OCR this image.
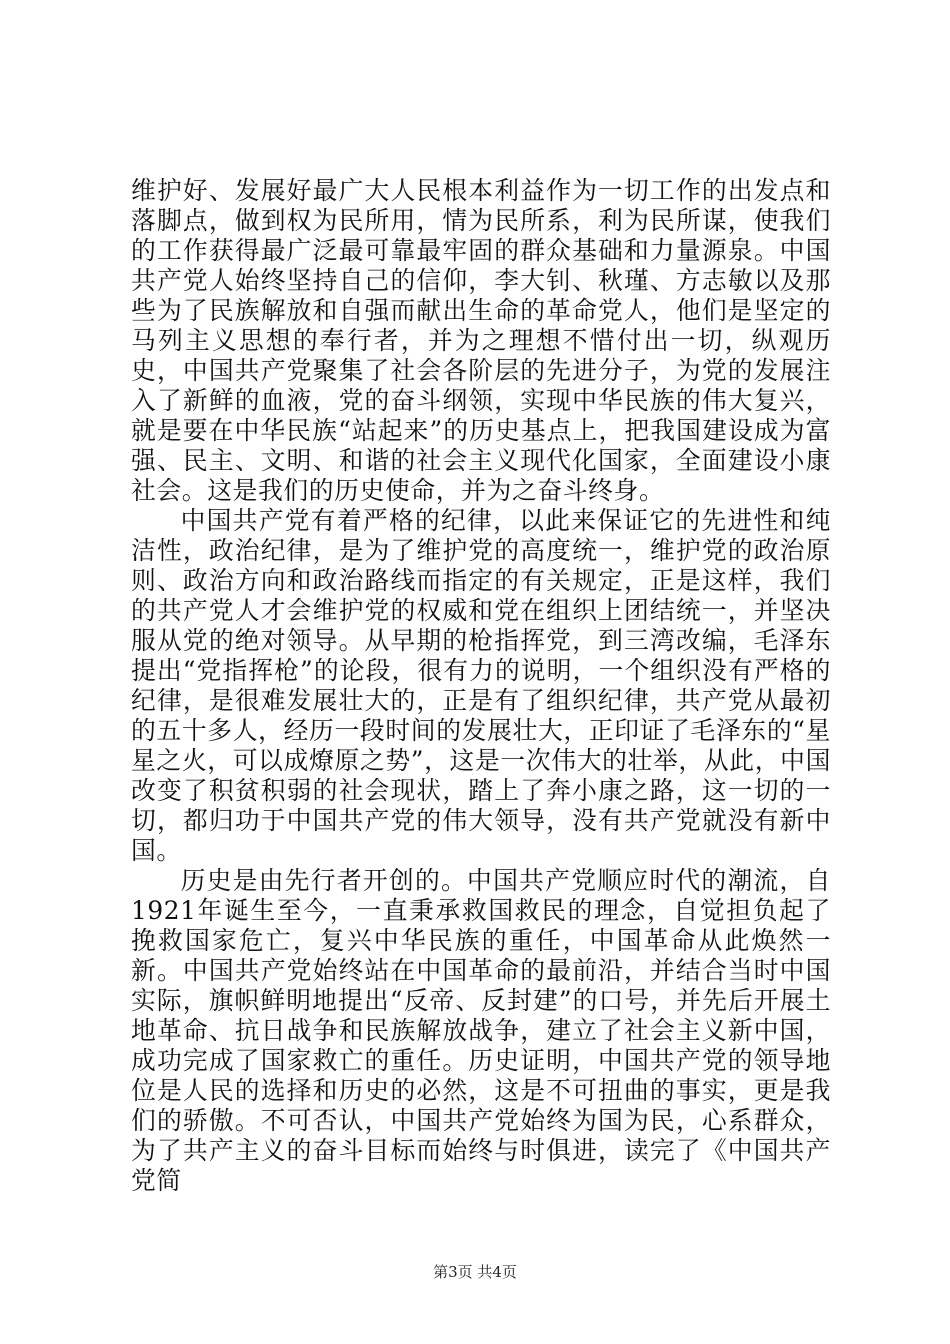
维护好、发展好最广大人民根本利益作为一切工作的出发点和落脚点，做到权为民所用，情为民所系，利为民所谋，使我们的工作获得最广泛最可靠最牢固的群众基础和力量源泉。中国共产党人始终坚持自己的信仰，李大钊、秋瑾、方志敏以及那些为了民族解放和自强而献出生命的革命党人，他们是坚定的马列主义思想的奉行者，并为之理想不惜付出一切，纵观历史，中国共产党聚集了社会各阶层的先进分子，为党的发展注入了新鲜的血液，党的奋斗纲领，实现中华民族的伟大复兴，就是要在中华民族“站起来”的历史基点上，把我国建设成为富强、民主、文明、和谐的社会主义现代化国家，全面建设小康社会。这是我们的历史使命，并为之奋斗终身。

中国共产党有着严格的纪律，以此来保证它的先进性和纯洁性，政治纪律，是为了维护党的高度统一，维护党的政治原则、政治方向和政治路线而指定的有关规定，正是这样，我们的共产党人才会维护党的权威和党在组织上团结统一，并坚决服从党的绝对领导。从早期的枪指挥党，到三湾改编，毛泽东提出“党指挥枪”的论段，很有力的说明，一个组织没有严格的纪律，是很难发展壮大的，正是有了组织纪律，共产党从最初的五十多人，经历一段时间的发展壮大，正印证了毛泽东的“星星之火，可以成燎原之势”，这是一次伟大的壮举，从此，中国改变了积贫积弱的社会现状，踏上了奔小康之路，这一切的一切，都归功于中国共产党的伟大领导，没有共产党就没有新中国。

历史是由先行者开创的。中国共产党顺应时代的潮流，自1921年诞生至今，一直秉承救国救民的理念，自觉担负起了挽救国家危亡，复兴中华民族的重任，中国革命从此焕然一新。中国共产党始终站在中国革命的最前沿，并结合当时中国实际，旗帜鲜明地提出“反帝、反封建”的口号，并先后开展土地革命、抗日战争和民族解放战争，建立了社会主义新中国，成功完成了国家救亡的重任。历史证明，中国共产党的领导地位是人民的选择和历史的必然，这是不可扭曲的事实，更是我们的骄傲。不可否认，中国共产党始终为国为民，心系群众，为了共产主义的奋斗目标而始终与时俱进，读完了《中国共产党简

第3页 共4页
